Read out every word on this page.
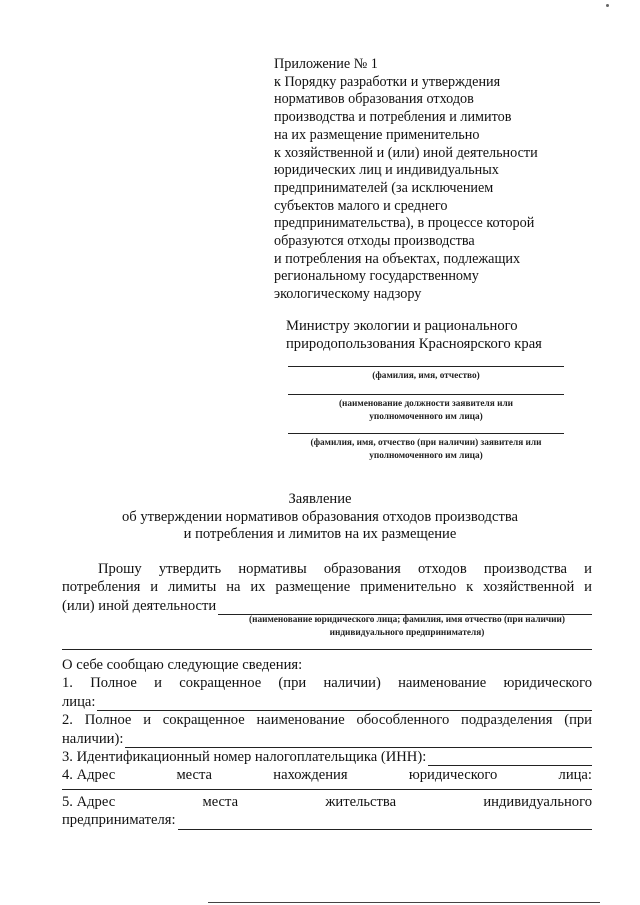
Приложение № 1
к Порядку разработки и утверждения
нормативов образования отходов
производства и потребления и лимитов
на их размещение применительно
к хозяйственной и (или) иной деятельности
юридических лиц и индивидуальных
предпринимателей (за исключением
субъектов малого и среднего
предпринимательства), в процессе которой
образуются отходы производства
и потребления на объектах, подлежащих
региональному государственному
экологическому надзору
Министру экологии и рационального
природопользования Красноярского края
(фамилия, имя, отчество)
(наименование должности заявителя или
уполномоченного им лица)
(фамилия, имя, отчество (при наличии) заявителя или
уполномоченного им лица)
Заявление
об утверждении нормативов образования отходов производства
и потребления и лимитов на их размещение
Прошу утвердить нормативы образования отходов производства и
потребления и лимиты на их размещение применительно к хозяйственной и
(или) иной деятельности
(наименование юридического лица; фамилия, имя отчество (при наличии)
индивидуального предпринимателя)
О себе сообщаю следующие сведения:
1. Полное и сокращенное (при наличии) наименование юридического
лица:
2. Полное и сокращенное наименование обособленного подразделения (при
наличии):
3. Идентификационный номер налогоплательщика (ИНН):
4. Адрес	места	нахождения	юридического	лица:
5. Адрес	места	жительства	индивидуального
предпринимателя:
